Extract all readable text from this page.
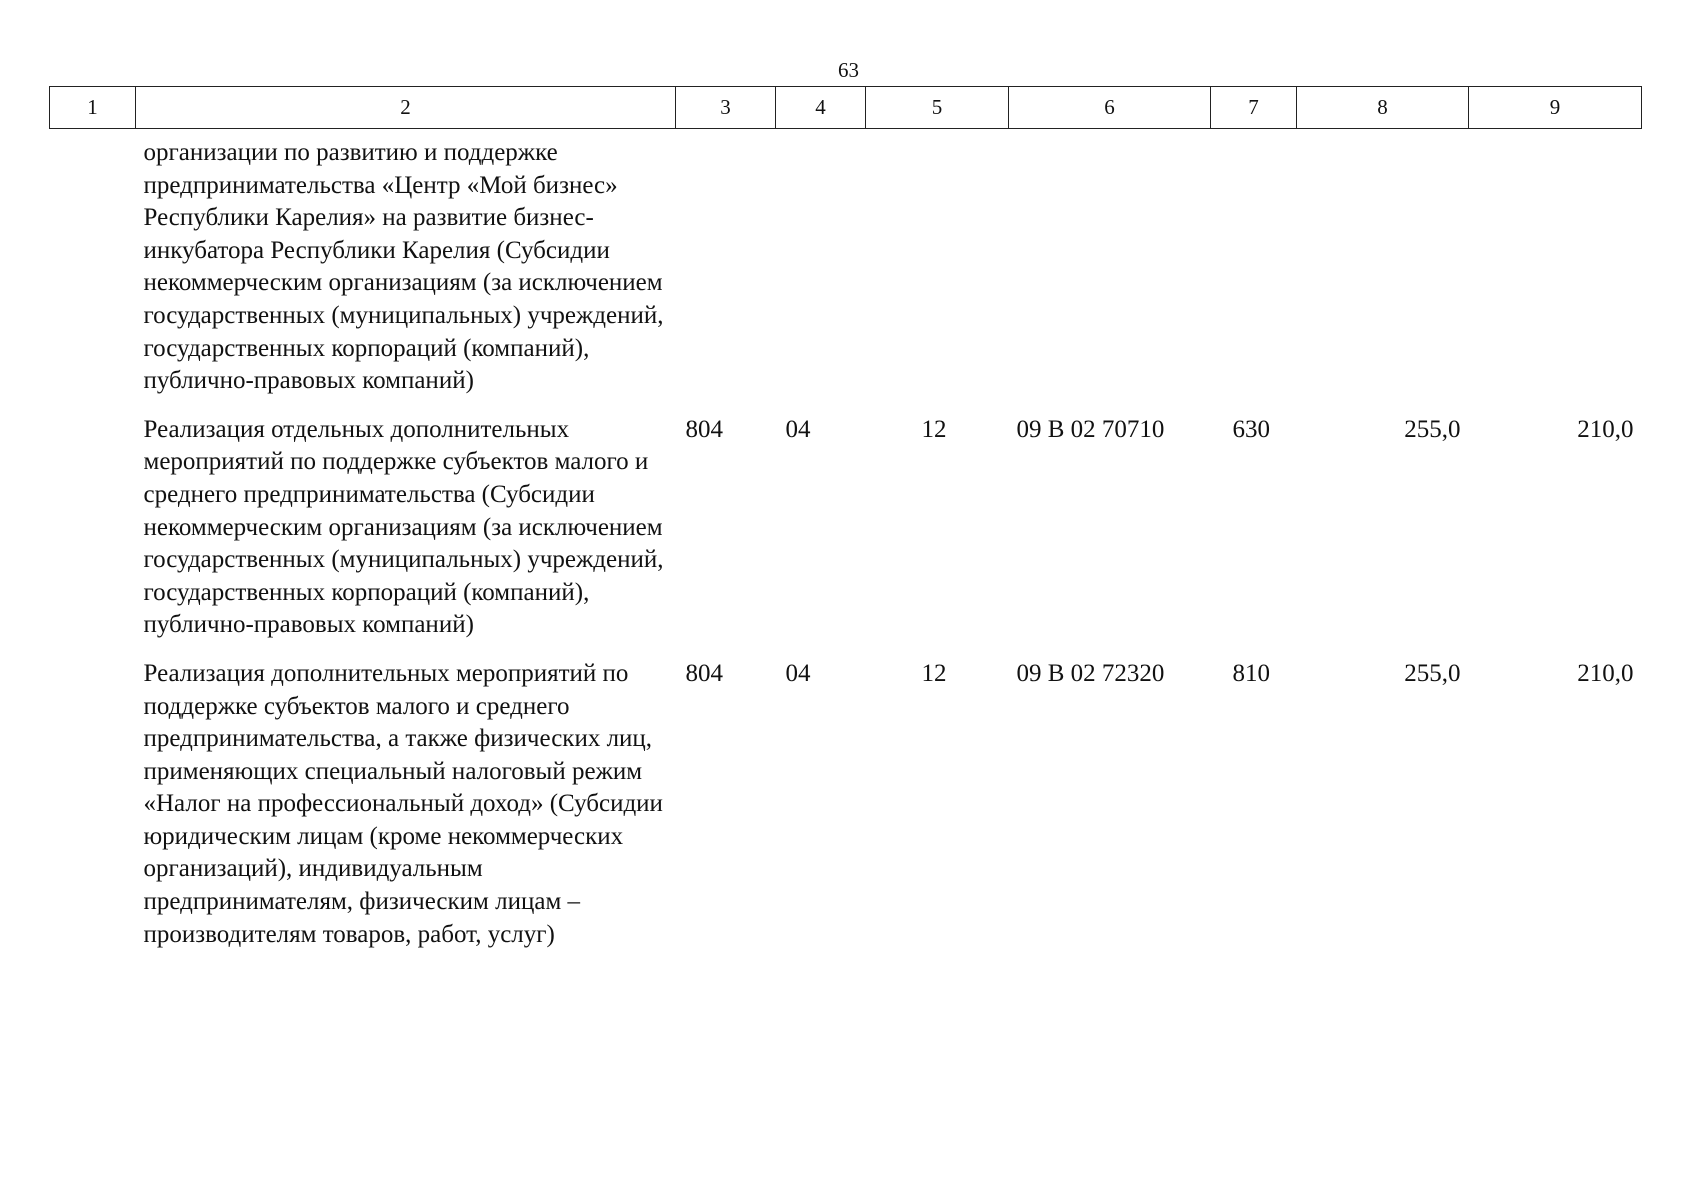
63
1	2	3	4	5	6	7	8	9
	организации по развитию и поддержке предпринимательства «Центр «Мой бизнес» Республики Карелия» на развитие бизнес-инкубатора Республики Карелия (Субсидии некоммерческим организациям (за исключением государственных (муниципальных) учреждений, государственных корпораций (компаний), публично-правовых компаний)							
	Реализация отдельных дополнительных мероприятий по поддержке субъектов малого и среднего предпринимательства (Субсидии некоммерческим организациям (за исключением государственных (муниципальных) учреждений, государственных корпораций (компаний), публично-правовых компаний)	804	04	12	09 В 02 70710	630	255,0	210,0
	Реализация дополнительных мероприятий по поддержке субъектов малого и среднего предпринимательства, а также физических лиц, применяющих специальный налоговый режим «Налог на профессиональный доход» (Субсидии юридическим лицам (кроме некоммерческих организаций), индивидуальным предпринимателям, физическим лицам – производителям товаров, работ, услуг)	804	04	12	09 В 02 72320	810	255,0	210,0
